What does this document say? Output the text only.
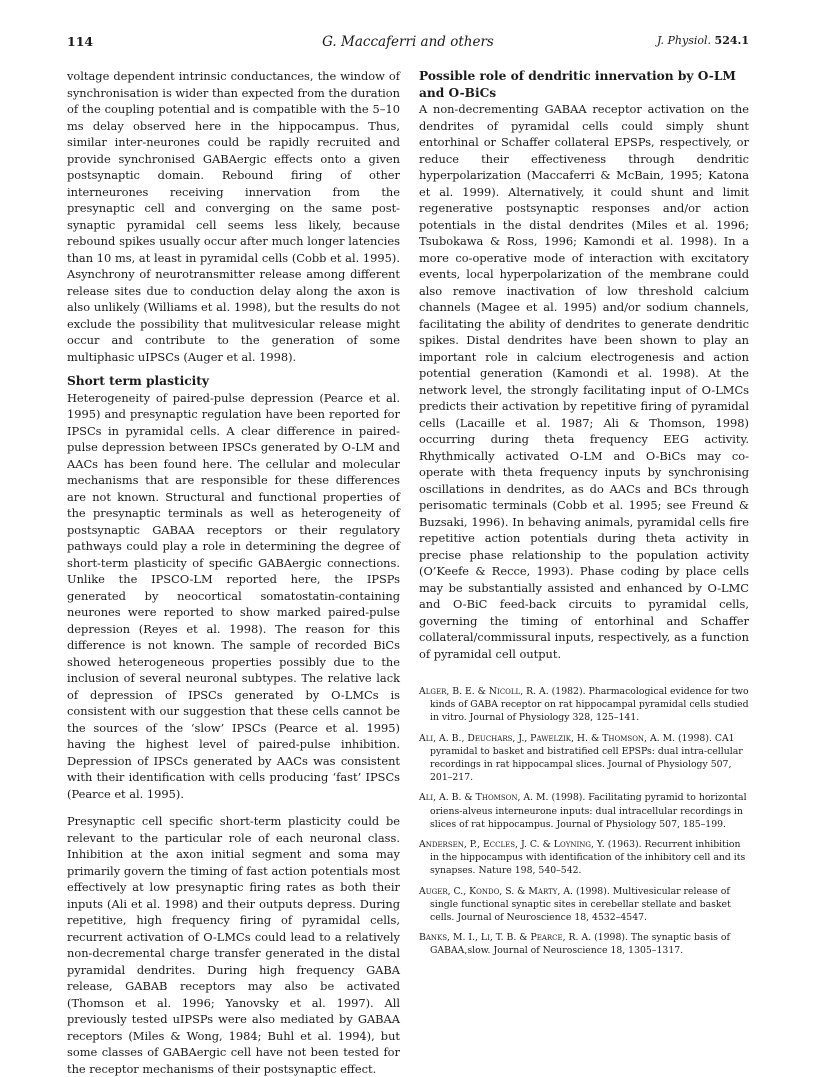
114	G. Maccaferri and others	J. Physiol. 524.1

voltage dependent intrinsic conductances, the window of synchronisation is wider than expected from the duration of the coupling potential and is compatible with the 5–10 ms delay observed here in the hippocampus. Thus, similar inter-neurones could be rapidly recruited and provide synchronised GABAergic effects onto a given postsynaptic domain. Rebound firing of other interneurones receiving innervation from the presynaptic cell and converging on the same post-synaptic pyramidal cell seems less likely, because rebound spikes usually occur after much longer latencies than 10 ms, at least in pyramidal cells (Cobb et al. 1995). Asynchrony of neurotransmitter release among different release sites due to conduction delay along the axon is also unlikely (Williams et al. 1998), but the results do not exclude the possibility that mulitvesicular release might occur and contribute to the generation of some multiphasic uIPSCs (Auger et al. 1998).

Short term plasticity

Heterogeneity of paired-pulse depression (Pearce et al. 1995) and presynaptic regulation have been reported for IPSCs in pyramidal cells. A clear difference in paired-pulse depression between IPSCs generated by O-LM and AACs has been found here. The cellular and molecular mechanisms that are responsible for these differences are not known. Structural and functional properties of the presynaptic terminals as well as heterogeneity of postsynaptic GABAA receptors or their regulatory pathways could play a role in determining the degree of short-term plasticity of specific GABAergic connections. Unlike the IPSCO-LM reported here, the IPSPs generated by neocortical somatostatin-containing neurones were reported to show marked paired-pulse depression (Reyes et al. 1998). The reason for this difference is not known. The sample of recorded BiCs showed heterogeneous properties possibly due to the inclusion of several neuronal subtypes. The relative lack of depression of IPSCs generated by O-LMCs is consistent with our suggestion that these cells cannot be the sources of the ‘slow’ IPSCs (Pearce et al. 1995) having the highest level of paired-pulse inhibition. Depression of IPSCs generated by AACs was consistent with their identification with cells producing ‘fast’ IPSCs (Pearce et al. 1995).

Presynaptic cell specific short-term plasticity could be relevant to the particular role of each neuronal class. Inhibition at the axon initial segment and soma may primarily govern the timing of fast action potentials most effectively at low presynaptic firing rates as both their inputs (Ali et al. 1998) and their outputs depress. During repetitive, high frequency firing of pyramidal cells, recurrent activation of O-LMCs could lead to a relatively non-decremental charge transfer generated in the distal pyramidal dendrites. During high frequency GABA release, GABAB receptors may also be activated (Thomson et al. 1996; Yanovsky et al. 1997). All previously tested uIPSPs were also mediated by GABAA receptors (Miles & Wong, 1984; Buhl et al. 1994), but some classes of GABAergic cell have not been tested for the receptor mechanisms of their postsynaptic effect.

Possible role of dendritic innervation by O-LM and O-BiCs

A non-decrementing GABAA receptor activation on the dendrites of pyramidal cells could simply shunt entorhinal or Schaffer collateral EPSPs, respectively, or reduce their effectiveness through dendritic hyperpolarization (Maccaferri & McBain, 1995; Katona et al. 1999). Alternatively, it could shunt and limit regenerative postsynaptic responses and/or action potentials in the distal dendrites (Miles et al. 1996; Tsubokawa & Ross, 1996; Kamondi et al. 1998). In a more co-operative mode of interaction with excitatory events, local hyperpolarization of the membrane could also remove inactivation of low threshold calcium channels (Magee et al. 1995) and/or sodium channels, facilitating the ability of dendrites to generate dendritic spikes. Distal dendrites have been shown to play an important role in calcium electrogenesis and action potential generation (Kamondi et al. 1998). At the network level, the strongly facilitating input of O-LMCs predicts their activation by repetitive firing of pyramidal cells (Lacaille et al. 1987; Ali & Thomson, 1998) occurring during theta frequency EEG activity. Rhythmically activated O-LM and O-BiCs may co-operate with theta frequency inputs by synchronising oscillations in dendrites, as do AACs and BCs through perisomatic terminals (Cobb et al. 1995; see Freund & Buzsaki, 1996). In behaving animals, pyramidal cells fire repetitive action potentials during theta activity in precise phase relationship to the population activity (O’Keefe & Recce, 1993). Phase coding by place cells may be substantially assisted and enhanced by O-LMC and O-BiC feed-back circuits to pyramidal cells, governing the timing of entorhinal and Schaffer collateral/commissural inputs, respectively, as a function of pyramidal cell output.

Alger, B. E. & Nicoll, R. A. (1982). Pharmacological evidence for two kinds of GABA receptor on rat hippocampal pyramidal cells studied in vitro. Journal of Physiology 328, 125–141.

Ali, A. B., Deuchars, J., Pawelzik, H. & Thomson, A. M. (1998). CA1 pyramidal to basket and bistratified cell EPSPs: dual intra-cellular recordings in rat hippocampal slices. Journal of Physiology 507, 201–217.

Ali, A. B. & Thomson, A. M. (1998). Facilitating pyramid to horizontal oriens-alveus interneurone inputs: dual intracellular recordings in slices of rat hippocampus. Journal of Physiology 507, 185–199.

Andersen, P., Eccles, J. C. & Loyning, Y. (1963). Recurrent inhibition in the hippocampus with identification of the inhibitory cell and its synapses. Nature 198, 540–542.

Auger, C., Kondo, S. & Marty, A. (1998). Multivesicular release of single functional synaptic sites in cerebellar stellate and basket cells. Journal of Neuroscience 18, 4532–4547.

Banks, M. I., Li, T. B. & Pearce, R. A. (1998). The synaptic basis of GABAA,slow. Journal of Neuroscience 18, 1305–1317.
